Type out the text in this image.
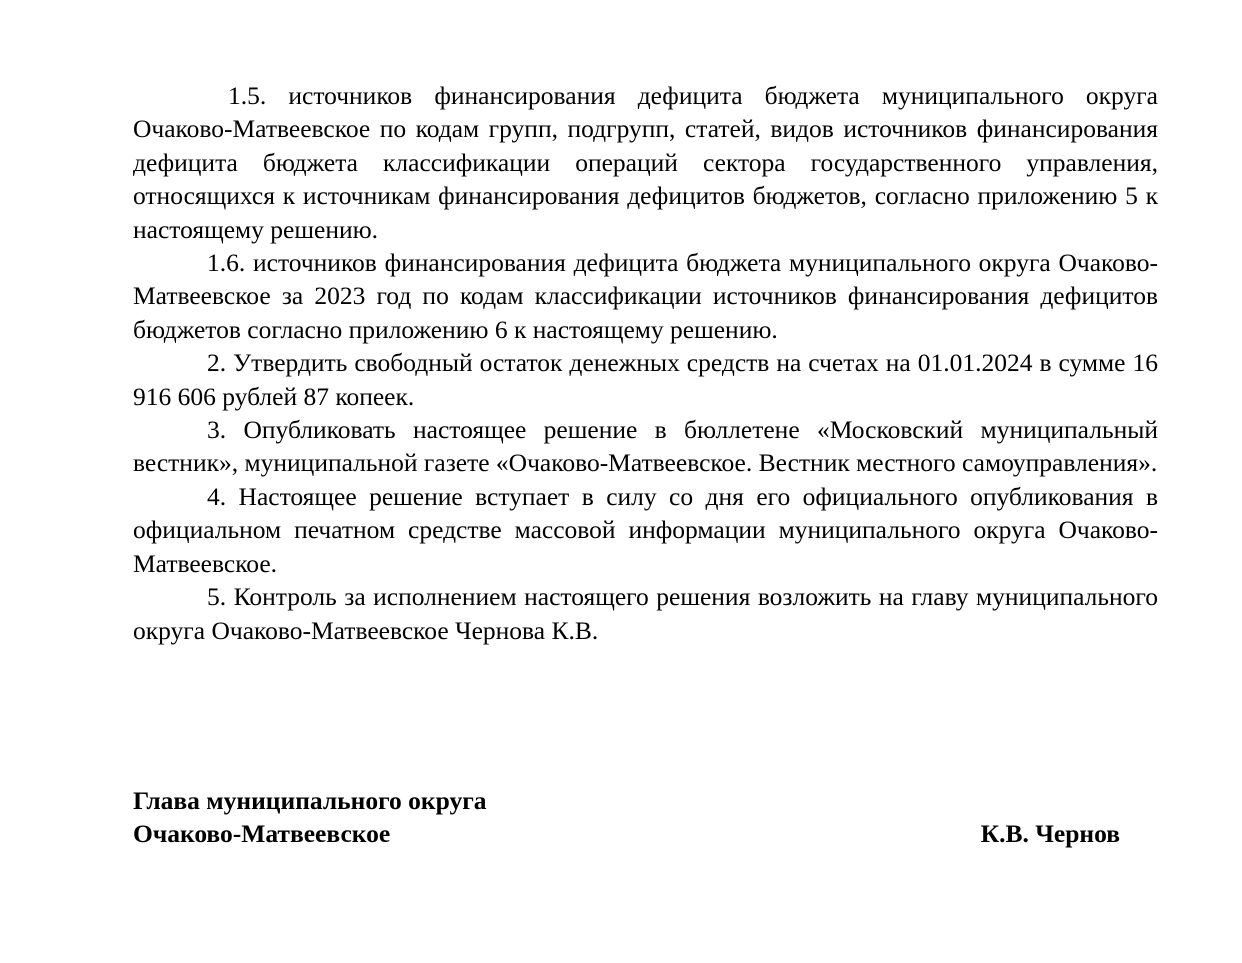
1.5. источников финансирования дефицита бюджета муниципального округа Очаково-Матвеевское по кодам групп, подгрупп, статей, видов источников финансирования дефицита бюджета классификации операций сектора государственного управления, относящихся к источникам финансирования дефицитов бюджетов, согласно приложению 5 к настоящему решению.

1.6. источников финансирования дефицита бюджета муниципального округа Очаково-Матвеевское за 2023 год по кодам классификации источников финансирования дефицитов бюджетов согласно приложению 6 к настоящему решению.

2. Утвердить свободный остаток денежных средств на счетах на 01.01.2024 в сумме 16 916 606 рублей 87 копеек.

3. Опубликовать настоящее решение в бюллетене «Московский муниципальный вестник», муниципальной газете «Очаково-Матвеевское. Вестник местного самоуправления».

4. Настоящее решение вступает в силу со дня его официального опубликования в официальном печатном средстве массовой информации муниципального округа Очаково-Матвеевское.

5. Контроль за исполнением настоящего решения возложить на главу муниципального округа Очаково-Матвеевское Чернова К.В.

Глава муниципального округа
Очаково-Матвеевское	К.В. Чернов
